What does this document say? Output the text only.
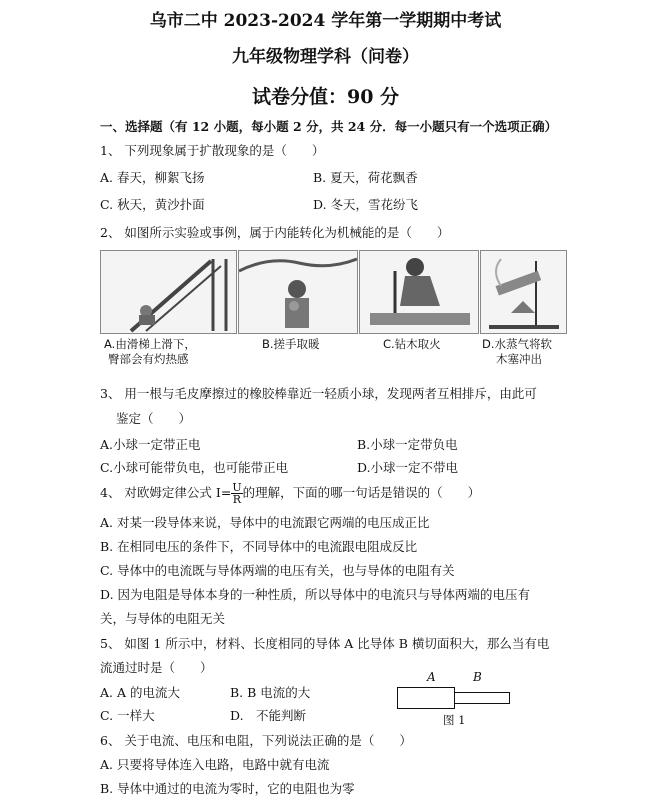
乌市二中 2023-2024 学年第一学期期中考试
九年级物理学科（问卷）
试卷分值：90 分
一、选择题（有 12 小题，每小题 2 分，共 24 分．每一小题只有一个选项正确）
1、 下列现象属于扩散现象的是（　　）
A. 春天，柳絮飞扬	B. 夏天，荷花飘香
C. 秋天，黄沙扑面	D. 冬天，雪花纷飞
2、 如图所示实验或事例，属于内能转化为机械能的是（　　）
A.由滑梯上滑下，
臀部会有灼热感
B.搓手取暖	C.钻木取火	D.水蒸气将软
木塞冲出
3、 用一根与毛皮摩擦过的橡胶棒靠近一轻质小球，发现两者互相排斥，由此可
鉴定（　　）
A.小球一定带正电	B.小球一定带负电
C.小球可能带负电，也可能带正电	D.小球一定不带电
4、 对欧姆定律公式 $I= \frac{U}{R}$ 的理解，下面的哪一句话是错误的（　　）
A. 对某一段导体来说，导体中的电流跟它两端的电压成正比
B. 在相同电压的条件下，不同导体中的电流跟电阻成反比
C. 导体中的电流既与导体两端的电压有关，也与导体的电阻有关
D. 因为电阻是导体本身的一种性质，所以导体中的电流只与导体两端的电压有
关，与导体的电阻无关
5、 如图 1 所示中，材料、长度相同的导体 A 比导体 B 横切面积大，那么当有电
流通过时是（　　）
A. A 的电流大	B. B 电流的大
C. 一样大	D.　不能判断
A	B
图 1
6、 关于电流、电压和电阻，下列说法正确的是（　　）
A. 只要将导体连入电路，电路中就有电流
B. 导体中通过的电流为零时，它的电阻也为零
